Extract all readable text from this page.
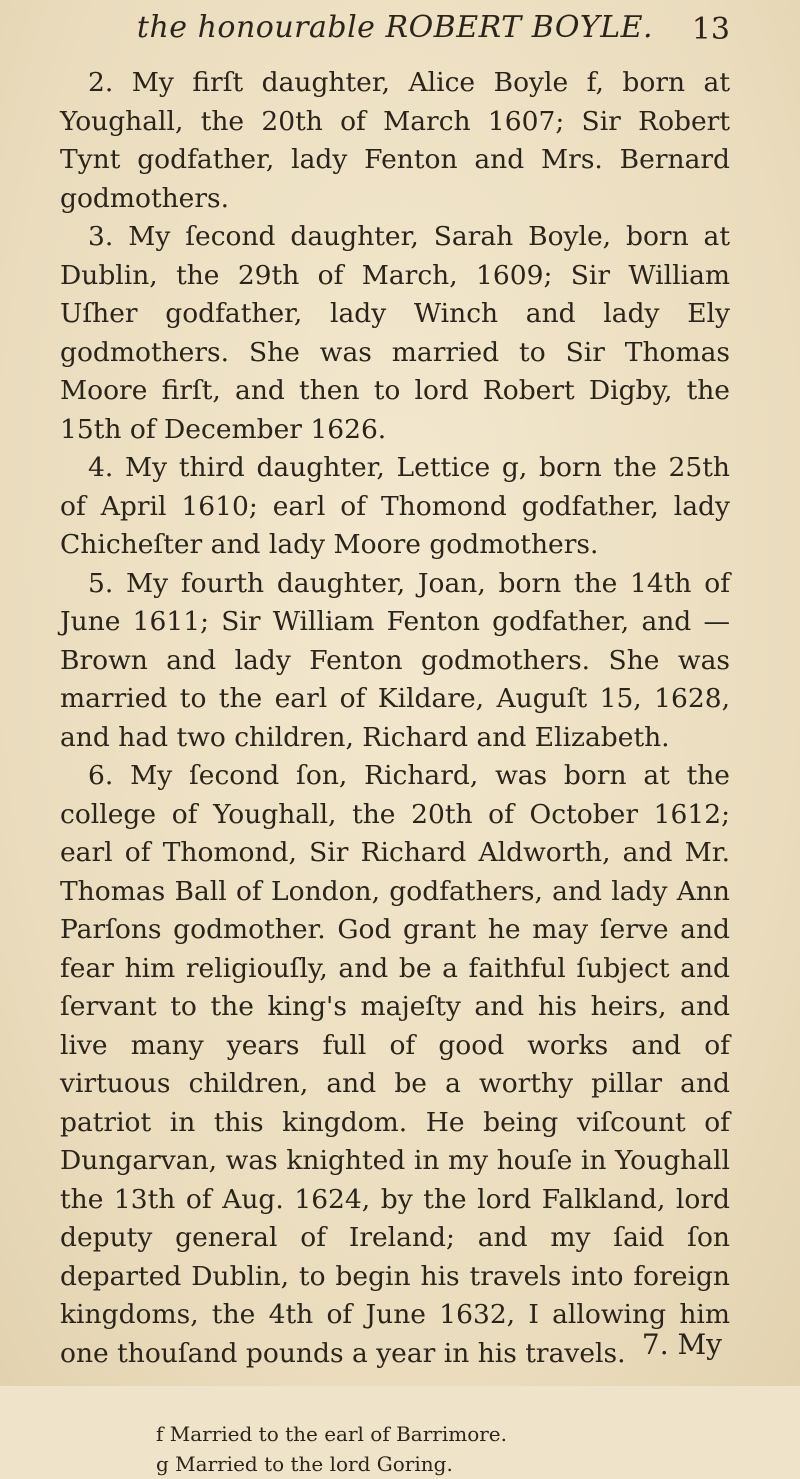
the honourable ROBERT BOYLE. 13

2. My firſt daughter, Alice Boyle f, born at Youghall, the 20th of March 1607; Sir Robert Tynt godfather, lady Fenton and Mrs. Bernard godmothers.

3. My ſecond daughter, Sarah Boyle, born at Dublin, the 29th of March, 1609; Sir William Uſher godfather, lady Winch and lady Ely godmothers. She was married to Sir Thomas Moore firſt, and then to lord Robert Digby, the 15th of December 1626.

4. My third daughter, Lettice g, born the 25th of April 1610; earl of Thomond godfather, lady Chicheſter and lady Moore godmothers.

5. My fourth daughter, Joan, born the 14th of June 1611; Sir William Fenton godfather, and — Brown and lady Fenton godmothers. She was married to the earl of Kildare, Auguſt 15, 1628, and had two children, Richard and Elizabeth.

6. My ſecond ſon, Richard, was born at the college of Youghall, the 20th of October 1612; earl of Thomond, Sir Richard Aldworth, and Mr. Thomas Ball of London, godfathers, and lady Ann Parſons godmother. God grant he may ſerve and fear him religiouſly, and be a faithful ſubject and ſervant to the king's majeſty and his heirs, and live many years full of good works and of virtuous children, and be a worthy pillar and patriot in this kingdom. He being viſcount of Dungarvan, was knighted in my houſe in Youghall the 13th of Aug. 1624, by the lord Falkland, lord deputy general of Ireland; and my ſaid ſon departed Dublin, to begin his travels into foreign kingdoms, the 4th of June 1632, I allowing him one thouſand pounds a year in his travels.

f Married to the earl of Barrimore.
g Married to the lord Goring.
7. My
